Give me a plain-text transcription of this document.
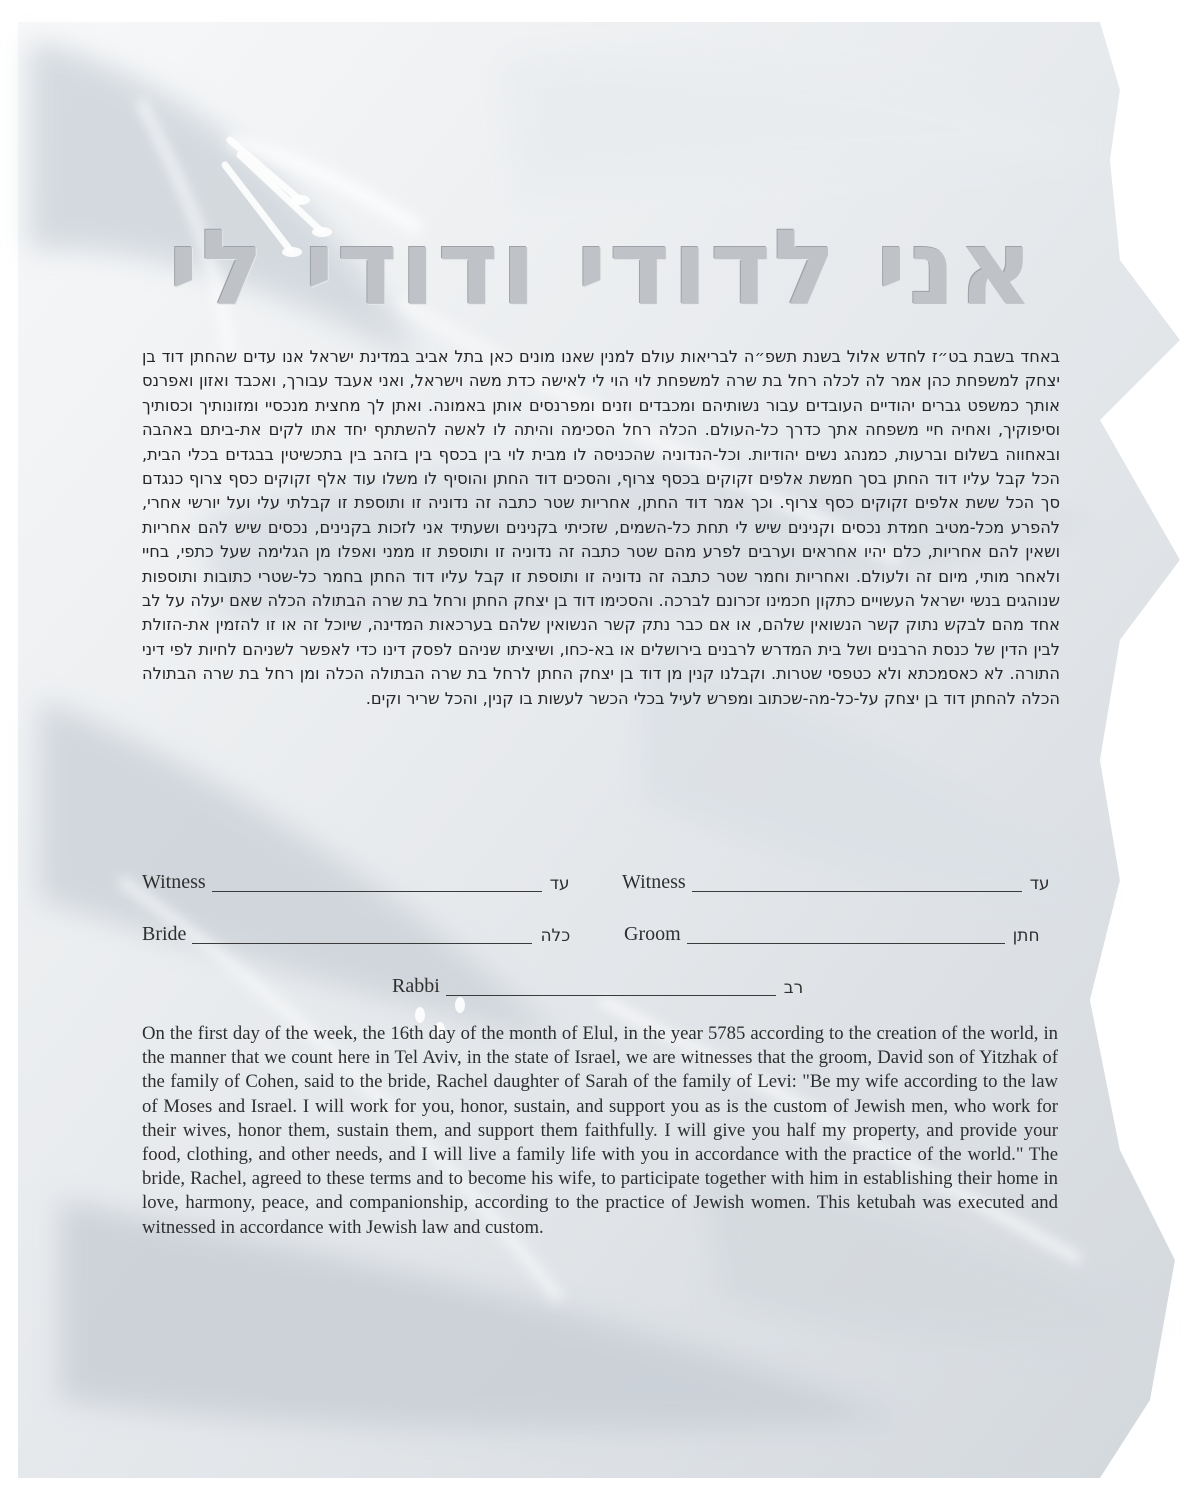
אני לדודי ודודי לי
באחד בשבת בט״ז לחדש אלול בשנת תשפ״ה לבריאות עולם למנין שאנו מונים כאן בתל אביב במדינת ישראל אנו עדים שהחתן דוד בן יצחק למשפחת כהן אמר לה לכלה רחל בת שרה למשפחת לוי הוי לי לאישה כדת משה וישראל, ואני אעבד עבורך, ואכבד ואזון ואפרנס אותך כמשפט גברים יהודיים העובדים עבור נשותיהם ומכבדים וזנים ומפרנסים אותן באמונה. ואתן לך מחצית מנכסיי ומזונותיך וכסותיך וסיפוקיך, ואחיה חיי משפחה אתך כדרך כל-העולם. הכלה רחל הסכימה והיתה לו לאשה להשתתף יחד אתו לקים את-ביתם באהבה ובאחווה בשלום וברעות, כמנהג נשים יהודיות. וכל-הנדוניה שהכניסה לו מבית לוי בין בכסף בין בזהב בין בתכשיטין בבגדים בכלי הבית, הכל קבל עליו דוד החתן בסך חמשת אלפים זקוקים בכסף צרוף, והסכים דוד החתן והוסיף לו משלו עוד אלף זקוקים כסף צרוף כנגדם סך הכל ששת אלפים זקוקים כסף צרוף. וכך אמר דוד החתן, אחריות שטר כתבה זה נדוניה זו ותוספת זו קבלתי עלי ועל יורשי אחרי, להפרע מכל-מטיב חמדת נכסים וקנינים שיש לי תחת כל-השמים, שזכיתי בקנינים ושעתיד אני לזכות בקנינים, נכסים שיש להם אחריות ושאין להם אחריות, כלם יהיו אחראים וערבים לפרע מהם שטר כתבה זה נדוניה זו ותוספת זו ממני ואפלו מן הגלימה שעל כתפי, בחיי ולאחר מותי, מיום זה ולעולם. ואחריות וחמר שטר כתבה זה נדוניה זו ותוספת זו קבל עליו דוד החתן בחמר כל-שטרי כתובות ותוספות שנוהגים בנשי ישראל העשויים כתקון חכמינו זכרונם לברכה. והסכימו דוד בן יצחק החתן ורחל בת שרה הבתולה הכלה שאם יעלה על לב אחד מהם לבקש נתוק קשר הנשואין שלהם, או אם כבר נתק קשר הנשואין שלהם בערכאות המדינה, שיוכל זה או זו להזמין את-הזולת לבין הדין של כנסת הרבנים ושל בית המדרש לרבנים בירושלים או בא-כחו, ושיציתו שניהם לפסק דינו כדי לאפשר לשניהם לחיות לפי דיני התורה. לא כאסמכתא ולא כטפסי שטרות. וקבלנו קנין מן דוד בן יצחק החתן לרחל בת שרה הבתולה הכלה ומן רחל בת שרה הבתולה הכלה להחתן דוד בן יצחק על-כל-מה-שכתוב ומפרש לעיל בכלי הכשר לעשות בו קנין, והכל שריר וקים.
Witness	עד	Witness	עד
Bride	כלה	Groom	חתן
Rabbi	רב
On the first day of the week, the 16th day of the month of Elul, in the year 5785 according to the creation of the world, in the manner that we count here in Tel Aviv, in the state of Israel, we are witnesses that the groom, David son of Yitzhak of the family of Cohen, said to the bride, Rachel daughter of Sarah of the family of Levi: "Be my wife according to the law of Moses and Israel. I will work for you, honor, sustain, and support you as is the custom of Jewish men, who work for their wives, honor them, sustain them, and support them faithfully. I will give you half my property, and provide your food, clothing, and other needs, and I will live a family life with you in accordance with the practice of the world." The bride, Rachel, agreed to these terms and to become his wife, to participate together with him in establishing their home in love, harmony, peace, and companionship, according to the practice of Jewish women. This ketubah was executed and witnessed in accordance with Jewish law and custom.
